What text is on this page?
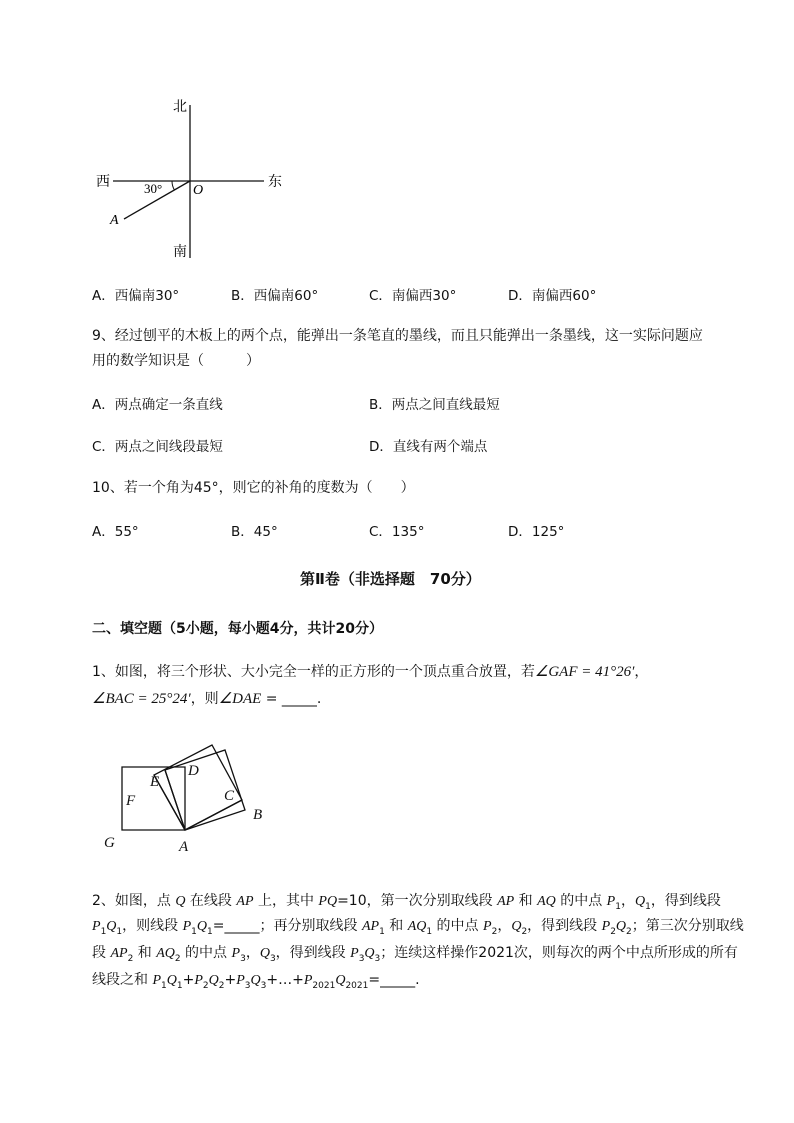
北
南
西	东
30° O
A
A．西偏南30°	B．西偏南60°	C．南偏西30°	D．南偏西60°
9、经过刨平的木板上的两个点，能弹出一条笔直的墨线，而且只能弹出一条墨线，这一实际问题应
用的数学知识是（　　　）
A．两点确定一条直线	B．两点之间直线最短
C．两点之间线段最短	D．直线有两个端点
10、若一个角为45°，则它的补角的度数为（　　）
A．55°	B．45°	C．135°	D．125°
第Ⅱ卷（非选择题　70分）
二、填空题（5小题，每小题4分，共计20分）
1、如图，将三个形状、大小完全一样的正方形的一个顶点重合放置，若∠GAF = 41°26′，
∠BAC = 25°24′，则∠DAE = _____.
A
B
C
D
E
F
G
2、如图，点 Q 在线段 AP 上，其中 PQ=10，第一次分别取线段 AP 和 AQ 的中点 $P_1$，$Q_1$，得到线段
$P_1Q_1$，则线段 $P_1Q_1=\_\_\_\_\_$；再分别取线段 $AP_1$ 和 $AQ_1$ 的中点 $P_2$，$Q_2$，得到线段 $P_2Q_2$；第三次分别取线
段 $AP_2$ 和 $AQ_2$ 的中点 $P_3$，$Q_3$，得到线段 $P_3Q_3$；连续这样操作2021次，则每次的两个中点所形成的所有
线段之和 $P_1Q_1+P_2Q_2+P_3Q_3+\dots+P_{2021}Q_{2021}=\_\_\_\_\_$.
